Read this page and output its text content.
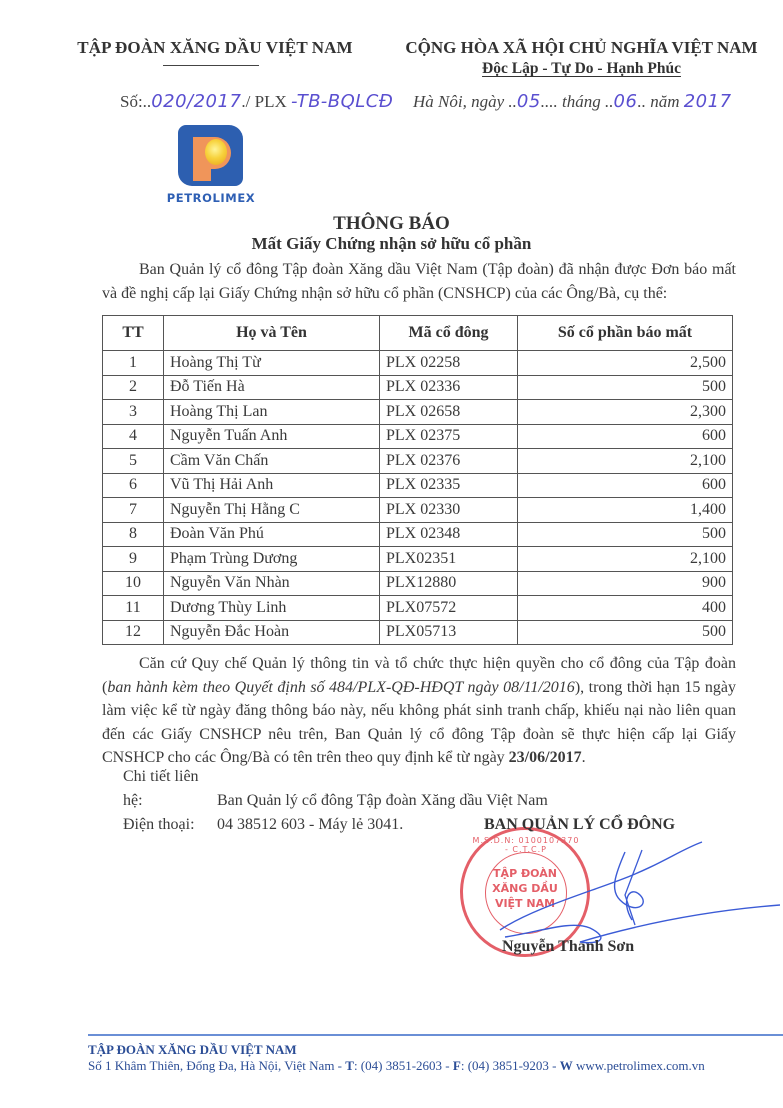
TẬP ĐOÀN XĂNG DẦU VIỆT NAM	CỘNG HÒA XÃ HỘI CHỦ NGHĨA VIỆT NAM
Độc Lập - Tự Do - Hạnh Phúc
Số:..020/2017./ PLX -TB-BQLCĐ Hà Nôi, ngày ..05.... tháng ..06.. năm 2017
PETROLIMEX
THÔNG BÁO
Mất Giấy Chứng nhận sở hữu cổ phần
Ban Quản lý cổ đông Tập đoàn Xăng dầu Việt Nam (Tập đoàn) đã nhận được Đơn báo mất và đề nghị cấp lại Giấy Chứng nhận sở hữu cổ phần (CNSHCP) của các Ông/Bà, cụ thể:
TT	Họ và Tên	Mã cổ đông	Số cổ phần báo mất
1	Hoàng Thị Từ	PLX 02258	2,500
2	Đỗ Tiến Hà	PLX 02336	500
3	Hoàng Thị Lan	PLX 02658	2,300
4	Nguyễn Tuấn Anh	PLX 02375	600
5	Cầm Văn Chấn	PLX 02376	2,100
6	Vũ Thị Hải Anh	PLX 02335	600
7	Nguyễn Thị Hằng C	PLX 02330	1,400
8	Đoàn Văn Phú	PLX 02348	500
9	Phạm Trùng Dương	PLX02351	2,100
10	Nguyễn Văn Nhàn	PLX12880	900
11	Dương Thùy Linh	PLX07572	400
12	Nguyễn Đắc Hoàn	PLX05713	500
Căn cứ Quy chế Quản lý thông tin và tổ chức thực hiện quyền cho cổ đông của Tập đoàn (ban hành kèm theo Quyết định số 484/PLX-QĐ-HĐQT ngày 08/11/2016), trong thời hạn 15 ngày làm việc kể từ ngày đăng thông báo này, nếu không phát sinh tranh chấp, khiếu nại nào liên quan đến các Giấy CNSHCP nêu trên, Ban Quản lý cổ đông Tập đoàn sẽ thực hiện cấp lại Giấy CNSHCP cho các Ông/Bà có tên trên theo quy định kể từ ngày 23/06/2017.
Chi tiết liên hệ:	Ban Quản lý cổ đông Tập đoàn Xăng dầu Việt Nam
Điện thoại: 04 38512 603 - Máy lẻ 3041.
M.S.D.N: 0100107370 - C.T.C.P
TẬP ĐOÀN
XĂNG DẦU
VIỆT NAM
BAN QUẢN LÝ CỔ ĐÔNG
Nguyễn Thanh Sơn
TẬP ĐOÀN XĂNG DẦU VIỆT NAM
Số 1 Khâm Thiên, Đống Đa, Hà Nội, Việt Nam - T: (04) 3851-2603 - F: (04) 3851-9203 - W www.petrolimex.com.vn
